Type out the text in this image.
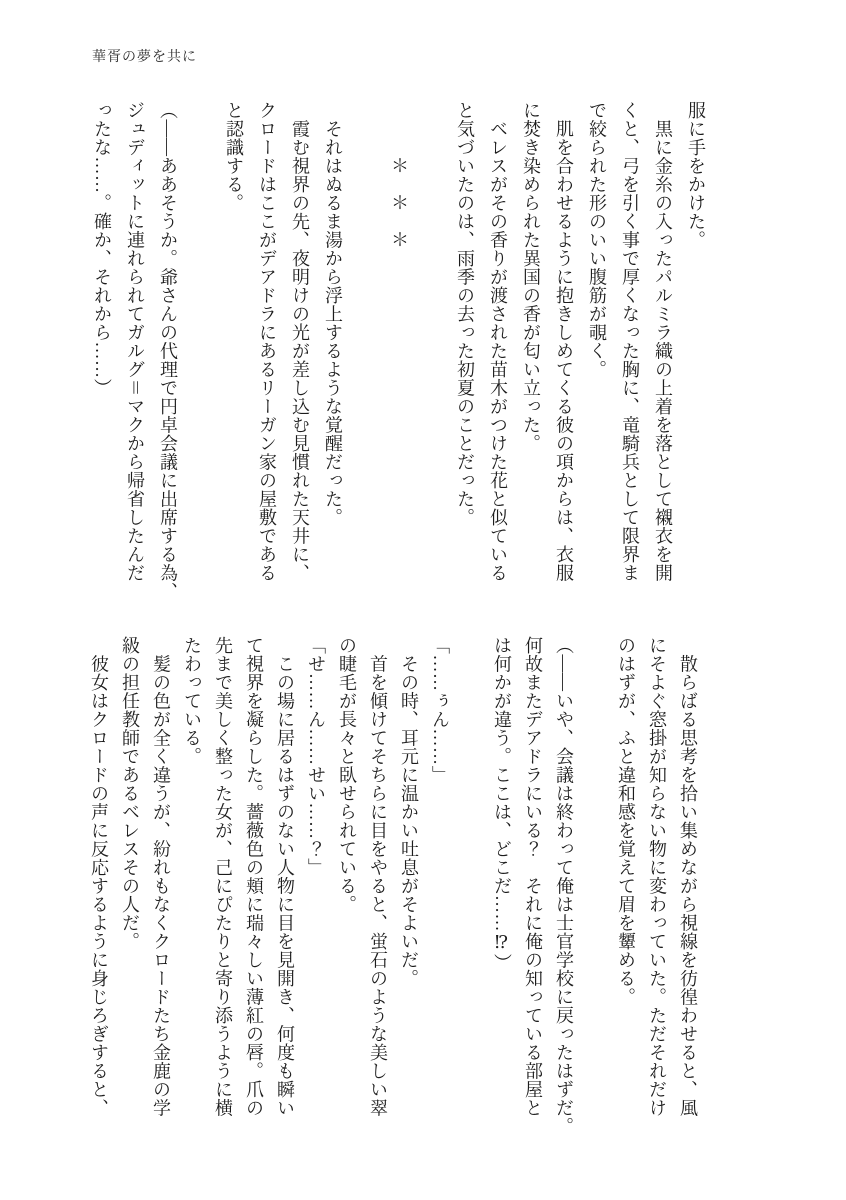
華胥の夢を共に

服に手をかけた。

　黒に金糸の入ったパルミラ織の上着を落として襯衣を開

くと、弓を引く事で厚くなった胸に、竜騎兵として限界ま

で絞られた形のいい腹筋が覗く。

　肌を合わせるように抱きしめてくる彼の項からは、衣服

に焚き染められた異国の香が匂い立った。

　ベレスがその香りが渡された苗木がつけた花と似ている

と気づいたのは、雨季の去った初夏のことだった。

　　　＊　＊　＊

　それはぬるま湯から浮上するような覚醒だった。

　霞む視界の先、夜明けの光が差し込む見慣れた天井に、

クロードはここがデアドラにあるリーガン家の屋敷である

と認識する。

（――ああそうか。爺さんの代理で円卓会議に出席する為、

ジュディットに連れられてガルグ＝マクから帰省したんだ

ったな……。確か、それから……）

　散らばる思考を拾い集めながら視線を彷徨わせると、風

にそよぐ窓掛が知らない物に変わっていた。ただそれだけ

のはずが、ふと違和感を覚えて眉を顰める。

（――いや、会議は終わって俺は士官学校に戻ったはずだ。

何故またデアドラにいる？　それに俺の知っている部屋と

は何かが違う。ここは、どこだ……⁉）

「……ぅん……」

　その時、耳元に温かい吐息がそよいだ。

　首を傾けてそちらに目をやると、蛍石のような美しい翠

の睫毛が長々と臥せられている。

「せ……ん……せい……？」

　この場に居るはずのない人物に目を見開き、何度も瞬い

て視界を凝らした。薔薇色の頬に瑞々しい薄紅の唇。爪の

先まで美しく整った女が、己にぴたりと寄り添うように横

たわっている。

　髪の色が全く違うが、紛れもなくクロードたち金鹿の学

級の担任教師であるベレスその人だ。

　彼女はクロードの声に反応するように身じろぎすると、
